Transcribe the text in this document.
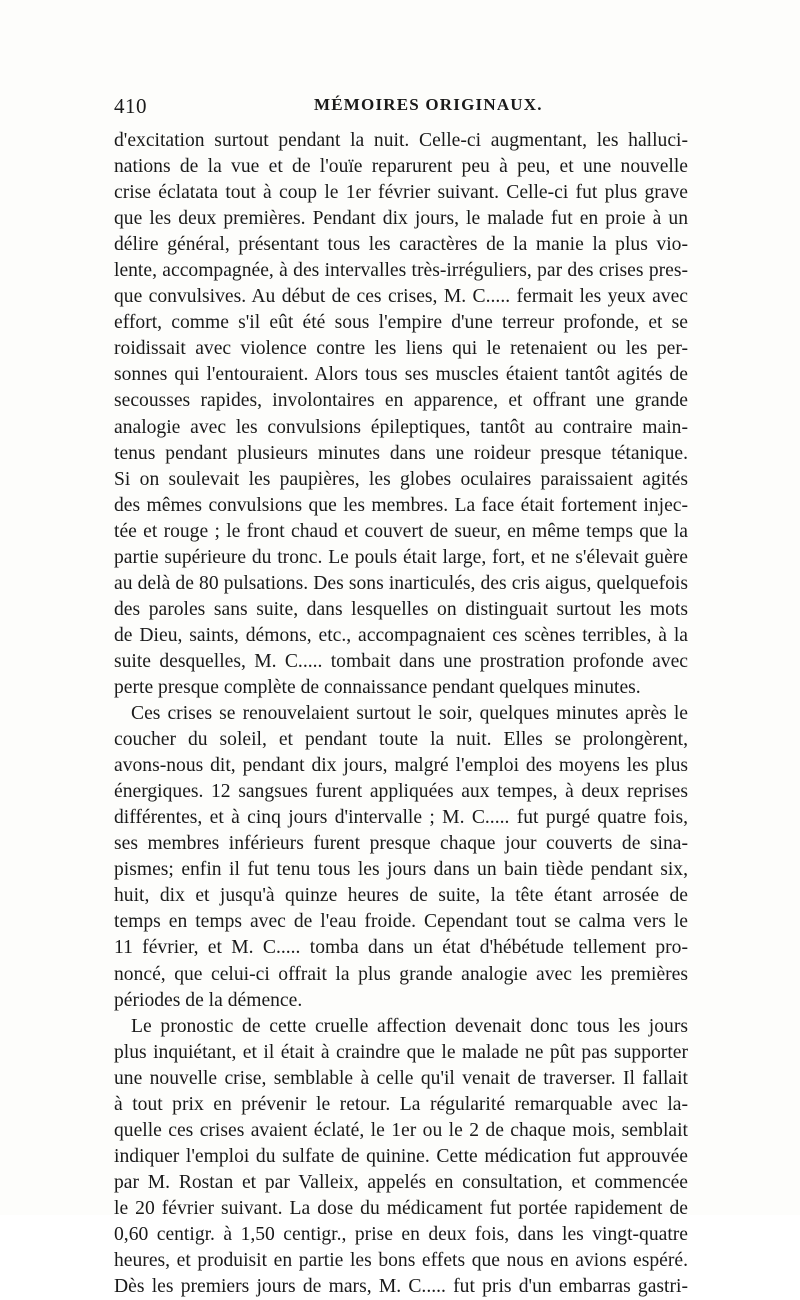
410	MÉMOIRES ORIGINAUX.
d'excitation surtout pendant la nuit. Celle-ci augmentant, les halluci-
nations de la vue et de l'ouïe reparurent peu à peu, et une nouvelle
crise éclatata tout à coup le 1er février suivant. Celle-ci fut plus grave
que les deux premières. Pendant dix jours, le malade fut en proie à un
délire général, présentant tous les caractères de la manie la plus vio-
lente, accompagnée, à des intervalles très-irréguliers, par des crises pres-
que convulsives. Au début de ces crises, M. C..... fermait les yeux avec
effort, comme s'il eût été sous l'empire d'une terreur profonde, et se
roidissait avec violence contre les liens qui le retenaient ou les per-
sonnes qui l'entouraient. Alors tous ses muscles étaient tantôt agités de
secousses rapides, involontaires en apparence, et offrant une grande
analogie avec les convulsions épileptiques, tantôt au contraire main-
tenus pendant plusieurs minutes dans une roideur presque tétanique.
Si on soulevait les paupières, les globes oculaires paraissaient agités
des mêmes convulsions que les membres. La face était fortement injec-
tée et rouge ; le front chaud et couvert de sueur, en même temps que la
partie supérieure du tronc. Le pouls était large, fort, et ne s'élevait guère
au delà de 80 pulsations. Des sons inarticulés, des cris aigus, quelquefois
des paroles sans suite, dans lesquelles on distinguait surtout les mots
de Dieu, saints, démons, etc., accompagnaient ces scènes terribles, à la
suite desquelles, M. C..... tombait dans une prostration profonde avec
perte presque complète de connaissance pendant quelques minutes.
Ces crises se renouvelaient surtout le soir, quelques minutes après le
coucher du soleil, et pendant toute la nuit. Elles se prolongèrent,
avons-nous dit, pendant dix jours, malgré l'emploi des moyens les plus
énergiques. 12 sangsues furent appliquées aux tempes, à deux reprises
différentes, et à cinq jours d'intervalle ; M. C..... fut purgé quatre fois,
ses membres inférieurs furent presque chaque jour couverts de sina-
pismes; enfin il fut tenu tous les jours dans un bain tiède pendant six,
huit, dix et jusqu'à quinze heures de suite, la tête étant arrosée de
temps en temps avec de l'eau froide. Cependant tout se calma vers le
11 février, et M. C..... tomba dans un état d'hébétude tellement pro-
noncé, que celui-ci offrait la plus grande analogie avec les premières
périodes de la démence.
Le pronostic de cette cruelle affection devenait donc tous les jours
plus inquiétant, et il était à craindre que le malade ne pût pas supporter
une nouvelle crise, semblable à celle qu'il venait de traverser. Il fallait
à tout prix en prévenir le retour. La régularité remarquable avec la-
quelle ces crises avaient éclaté, le 1er ou le 2 de chaque mois, semblait
indiquer l'emploi du sulfate de quinine. Cette médication fut approuvée
par M. Rostan et par Valleix, appelés en consultation, et commencée
le 20 février suivant. La dose du médicament fut portée rapidement de
0,60 centigr. à 1,50 centigr., prise en deux fois, dans les vingt-quatre
heures, et produisit en partie les bons effets que nous en avions espéré.
Dès les premiers jours de mars, M. C..... fut pris d'un embarras gastri-
